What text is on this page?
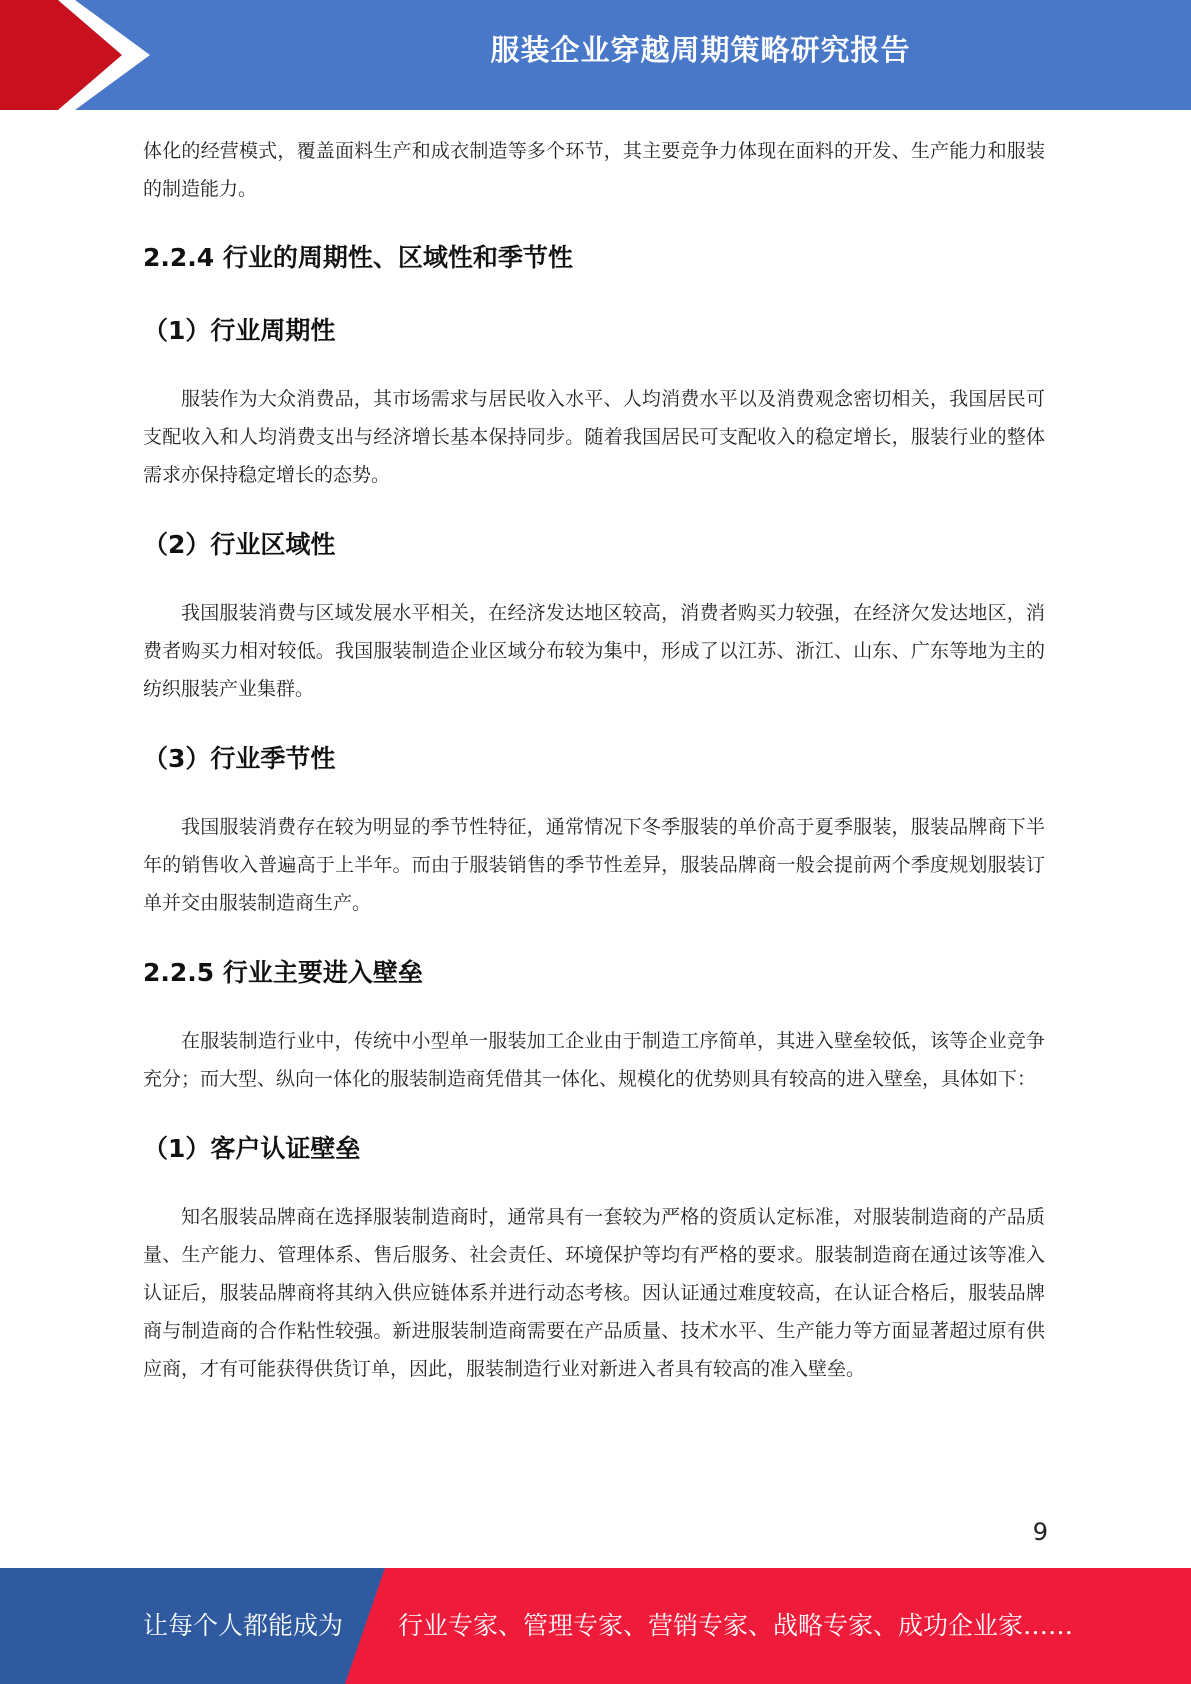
服装企业穿越周期策略研究报告

体化的经营模式，覆盖面料生产和成衣制造等多个环节，其主要竞争力体现在面料的开发、生产能力和服装的制造能力。

2.2.4 行业的周期性、区域性和季节性
（1）行业周期性

服装作为大众消费品，其市场需求与居民收入水平、人均消费水平以及消费观念密切相关，我国居民可支配收入和人均消费支出与经济增长基本保持同步。随着我国居民可支配收入的稳定增长，服装行业的整体需求亦保持稳定增长的态势。

（2）行业区域性

我国服装消费与区域发展水平相关，在经济发达地区较高，消费者购买力较强，在经济欠发达地区，消费者购买力相对较低。我国服装制造企业区域分布较为集中，形成了以江苏、浙江、山东、广东等地为主的纺织服装产业集群。

（3）行业季节性

我国服装消费存在较为明显的季节性特征，通常情况下冬季服装的单价高于夏季服装，服装品牌商下半年的销售收入普遍高于上半年。而由于服装销售的季节性差异，服装品牌商一般会提前两个季度规划服装订单并交由服装制造商生产。

2.2.5 行业主要进入壁垒

在服装制造行业中，传统中小型单一服装加工企业由于制造工序简单，其进入壁垒较低，该等企业竞争充分；而大型、纵向一体化的服装制造商凭借其一体化、规模化的优势则具有较高的进入壁垒，具体如下：

（1）客户认证壁垒

知名服装品牌商在选择服装制造商时，通常具有一套较为严格的资质认定标准，对服装制造商的产品质量、生产能力、管理体系、售后服务、社会责任、环境保护等均有严格的要求。服装制造商在通过该等准入认证后，服装品牌商将其纳入供应链体系并进行动态考核。因认证通过难度较高，在认证合格后，服装品牌商与制造商的合作粘性较强。新进服装制造商需要在产品质量、技术水平、生产能力等方面显著超过原有供应商，才有可能获得供货订单，因此，服装制造行业对新进入者具有较高的准入壁垒。

9
让每个人都能成为 行业专家、管理专家、营销专家、战略专家、成功企业家……
